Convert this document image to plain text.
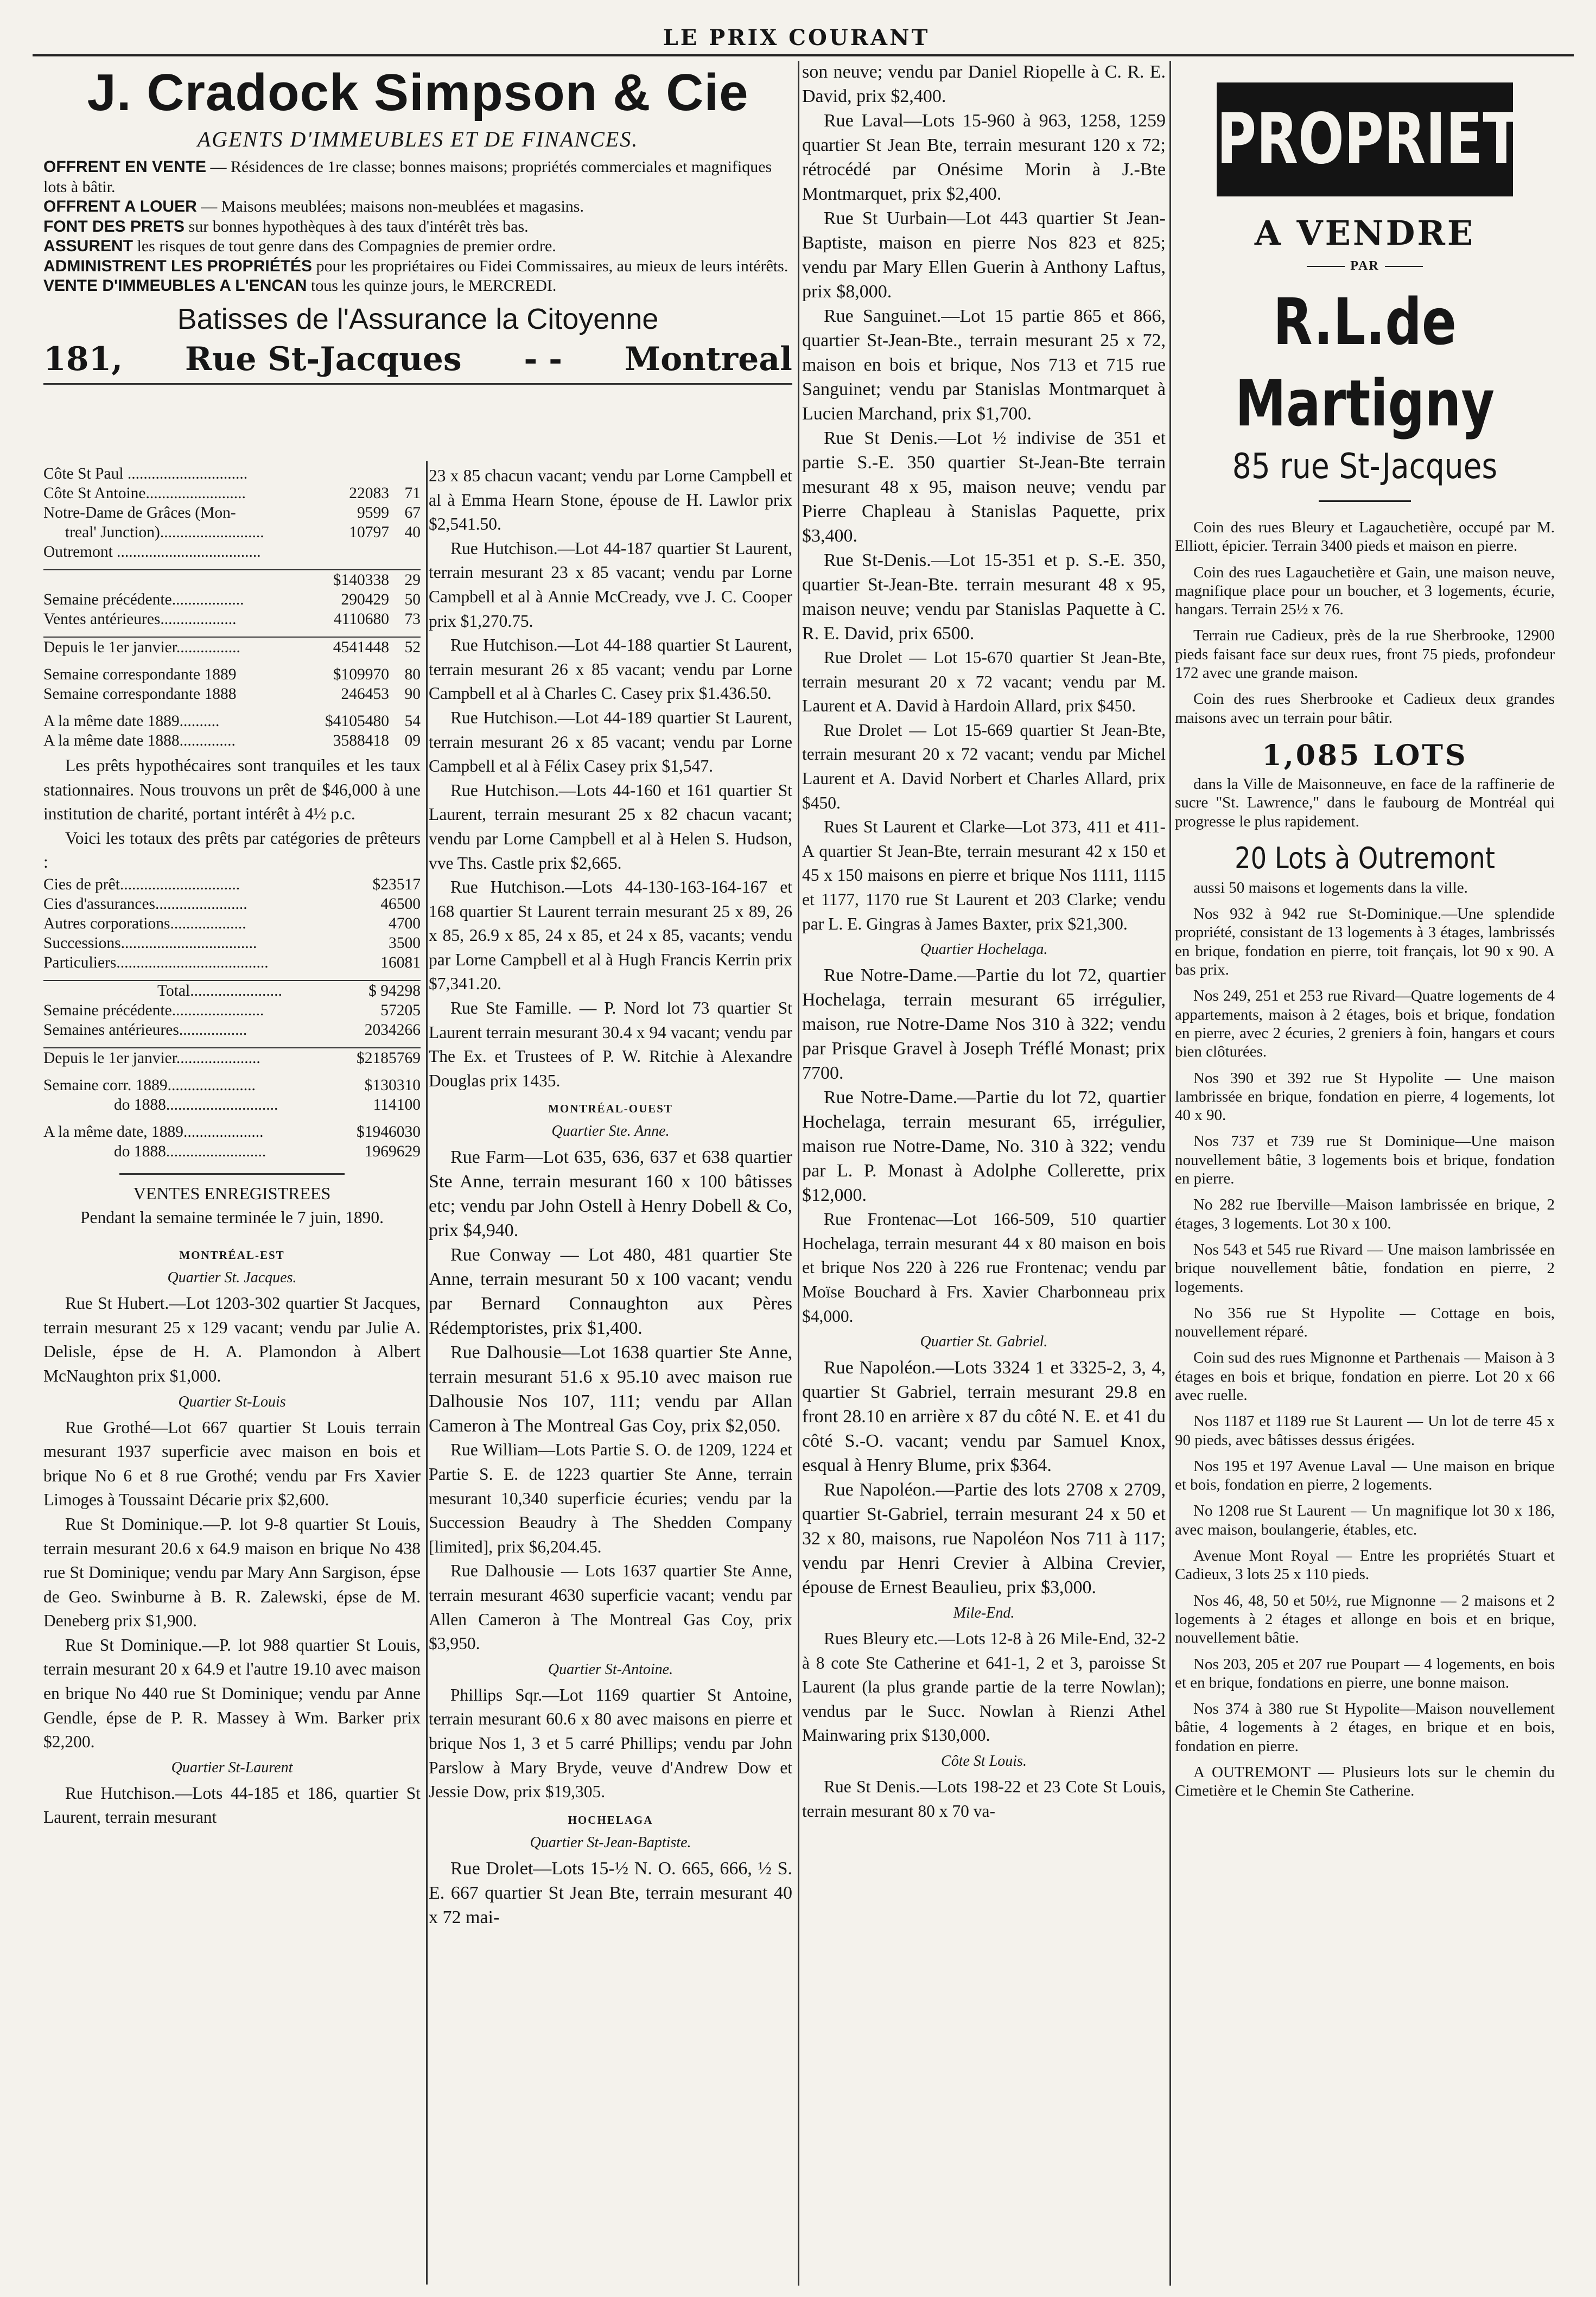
LE PRIX COURANT
J. Cradock Simpson & Cie
AGENTS D'IMMEUBLES ET DE FINANCES.
OFFRENT EN VENTE — Résidences de 1re classe; bonnes maisons; propriétés commerciales et magnifiques lots à bâtir.
OFFRENT A LOUER — Maisons meublées; maisons non-meublées et magasins.
FONT DES PRETS sur bonnes hypothèques à des taux d'intérêt très bas.
ASSURENT les risques de tout genre dans des Compagnies de premier ordre.
ADMINISTRENT LES PROPRIÉTÉS pour les propriétaires ou Fidei Commissaires, au mieux de leurs intérêts.
VENTE D'IMMEUBLES A L'ENCAN tous les quinze jours, le MERCREDI.
Batisses de l'Assurance la Citoyenne
181, Rue St-Jacques - - Montreal
Côte St Paul ..............................
Côte St Antoine.........................	22083 71
Notre-Dame de Grâces (Mon-	9599 67
treal' Junction)..........................	10797 40
Outremont ....................................
$140338 29
Semaine précédente..................	290429 50
Ventes antérieures...................	4110680 73
Depuis le 1er janvier................	4541448 52
Semaine correspondante 1889	$109970 80
Semaine correspondante 1888	246453 90
A la même date 1889..........	$4105480 54
A la même date 1888..............	3588418 09
Les prêts hypothécaires sont tranquiles et les taux stationnaires. Nous trouvons un prêt de $46,000 à une institution de charité, portant intérêt à 4½ p.c.
Voici les totaux des prêts par catégories de prêteurs :
Cies de prêt..............................	$23517
Cies d'assurances.......................	46500
Autres corporations...................	4700
Successions..................................	3500
Particuliers......................................	16081
Total.......................	$ 94298
Semaine précédente.......................	57205
Semaines antérieures.................	2034266
Depuis le 1er janvier.....................	$2185769
Semaine corr. 1889......................	$130310
do 1888............................	114100
A la même date, 1889....................	$1946030
do 1888.........................	1969629
VENTES ENREGISTREES
Pendant la semaine terminée le 7 juin, 1890.
MONTRÉAL-EST
Quartier St. Jacques.
Rue St Hubert.—Lot 1203-302 quartier St Jacques, terrain mesurant 25 x 129 vacant; vendu par Julie A. Delisle, épse de H. A. Plamondon à Albert McNaughton prix $1,000.
Quartier St-Louis
Rue Grothé—Lot 667 quartier St Louis terrain mesurant 1937 superficie avec maison en bois et brique No 6 et 8 rue Grothé; vendu par Frs Xavier Limoges à Toussaint Décarie prix $2,600.
Rue St Dominique.—P. lot 9-8 quartier St Louis, terrain mesurant 20.6 x 64.9 maison en brique No 438 rue St Dominique; vendu par Mary Ann Sargison, épse de Geo. Swinburne à B. R. Zalewski, épse de M. Deneberg prix $1,900.
Rue St Dominique.—P. lot 988 quartier St Louis, terrain mesurant 20 x 64.9 et l'autre 19.10 avec maison en brique No 440 rue St Dominique; vendu par Anne Gendle, épse de P. R. Massey à Wm. Barker prix $2,200.
Quartier St-Laurent
Rue Hutchison.—Lots 44-185 et 186, quartier St Laurent, terrain mesurant
23 x 85 chacun vacant; vendu par Lorne Campbell et al à Emma Hearn Stone, épouse de H. Lawlor prix $2,541.50.
Rue Hutchison.—Lot 44-187 quartier St Laurent, terrain mesurant 23 x 85 vacant; vendu par Lorne Campbell et al à Annie McCready, vve J. C. Cooper prix $1,270.75.
Rue Hutchison.—Lot 44-188 quartier St Laurent, terrain mesurant 26 x 85 vacant; vendu par Lorne Campbell et al à Charles C. Casey prix $1.436.50.
Rue Hutchison.—Lot 44-189 quartier St Laurent, terrain mesurant 26 x 85 vacant; vendu par Lorne Campbell et al à Félix Casey prix $1,547.
Rue Hutchison.—Lots 44-160 et 161 quartier St Laurent, terrain mesurant 25 x 82 chacun vacant; vendu par Lorne Campbell et al à Helen S. Hudson, vve Ths. Castle prix $2,665.
Rue Hutchison.—Lots 44-130-163-164-167 et 168 quartier St Laurent terrain mesurant 25 x 89, 26 x 85, 26.9 x 85, 24 x 85, et 24 x 85, vacants; vendu par Lorne Campbell et al à Hugh Francis Kerrin prix $7,341.20.
Rue Ste Famille. — P. Nord lot 73 quartier St Laurent terrain mesurant 30.4 x 94 vacant; vendu par The Ex. et Trustees of P. W. Ritchie à Alexandre Douglas prix 1435.
MONTRÉAL-OUEST
Quartier Ste. Anne.
Rue Farm—Lot 635, 636, 637 et 638 quartier Ste Anne, terrain mesurant 160 x 100 bâtisses etc; vendu par John Ostell à Henry Dobell & Co, prix $4,940.
Rue Conway — Lot 480, 481 quartier Ste Anne, terrain mesurant 50 x 100 vacant; vendu par Bernard Connaughton aux Pères Rédemptoristes, prix $1,400.
Rue Dalhousie—Lot 1638 quartier Ste Anne, terrain mesurant 51.6 x 95.10 avec maison rue Dalhousie Nos 107, 111; vendu par Allan Cameron à The Montreal Gas Coy, prix $2,050.
Rue William—Lots Partie S. O. de 1209, 1224 et Partie S. E. de 1223 quartier Ste Anne, terrain mesurant 10,340 superficie écuries; vendu par la Succession Beaudry à The Shedden Company [limited], prix $6,204.45.
Rue Dalhousie — Lots 1637 quartier Ste Anne, terrain mesurant 4630 superficie vacant; vendu par Allen Cameron à The Montreal Gas Coy, prix $3,950.
Quartier St-Antoine.
Phillips Sqr.—Lot 1169 quartier St Antoine, terrain mesurant 60.6 x 80 avec maisons en pierre et brique Nos 1, 3 et 5 carré Phillips; vendu par John Parslow à Mary Bryde, veuve d'Andrew Dow et Jessie Dow, prix $19,305.
HOCHELAGA
Quartier St-Jean-Baptiste.
Rue Drolet—Lots 15-½ N. O. 665, 666, ½ S. E. 667 quartier St Jean Bte, terrain mesurant 40 x 72 mai-
son neuve; vendu par Daniel Riopelle à C. R. E. David, prix $2,400.
Rue Laval—Lots 15-960 à 963, 1258, 1259 quartier St Jean Bte, terrain mesurant 120 x 72; rétrocédé par Onésime Morin à J.-Bte Montmarquet, prix $2,400.
Rue St Uurbain—Lot 443 quartier St Jean-Baptiste, maison en pierre Nos 823 et 825; vendu par Mary Ellen Guerin à Anthony Laftus, prix $8,000.
Rue Sanguinet.—Lot 15 partie 865 et 866, quartier St-Jean-Bte., terrain mesurant 25 x 72, maison en bois et brique, Nos 713 et 715 rue Sanguinet; vendu par Stanislas Montmarquet à Lucien Marchand, prix $1,700.
Rue St Denis.—Lot ½ indivise de 351 et partie S.-E. 350 quartier St-Jean-Bte terrain mesurant 48 x 95, maison neuve; vendu par Pierre Chapleau à Stanislas Paquette, prix $3,400.
Rue St-Denis.—Lot 15-351 et p. S.-E. 350, quartier St-Jean-Bte. terrain mesurant 48 x 95, maison neuve; vendu par Stanislas Paquette à C. R. E. David, prix 6500.
Rue Drolet — Lot 15-670 quartier St Jean-Bte, terrain mesurant 20 x 72 vacant; vendu par M. Laurent et A. David à Hardoin Allard, prix $450.
Rue Drolet — Lot 15-669 quartier St Jean-Bte, terrain mesurant 20 x 72 vacant; vendu par Michel Laurent et A. David Norbert et Charles Allard, prix $450.
Rues St Laurent et Clarke—Lot 373, 411 et 411-A quartier St Jean-Bte, terrain mesurant 42 x 150 et 45 x 150 maisons en pierre et brique Nos 1111, 1115 et 1177, 1170 rue St Laurent et 203 Clarke; vendu par L. E. Gingras à James Baxter, prix $21,300.
Quartier Hochelaga.
Rue Notre-Dame.—Partie du lot 72, quartier Hochelaga, terrain mesurant 65 irrégulier, maison, rue Notre-Dame Nos 310 à 322; vendu par Prisque Gravel à Joseph Tréflé Monast; prix 7700.
Rue Notre-Dame.—Partie du lot 72, quartier Hochelaga, terrain mesurant 65, irrégulier, maison rue Notre-Dame, No. 310 à 322; vendu par L. P. Monast à Adolphe Collerette, prix $12,000.
Rue Frontenac—Lot 166-509, 510 quartier Hochelaga, terrain mesurant 44 x 80 maison en bois et brique Nos 220 à 226 rue Frontenac; vendu par Moïse Bouchard à Frs. Xavier Charbonneau prix $4,000.
Quartier St. Gabriel.
Rue Napoléon.—Lots 3324 1 et 3325-2, 3, 4, quartier St Gabriel, terrain mesurant 29.8 en front 28.10 en arrière x 87 du côté N. E. et 41 du côté S.-O. vacant; vendu par Samuel Knox, esqual à Henry Blume, prix $364.
Rue Napoléon.—Partie des lots 2708 x 2709, quartier St-Gabriel, terrain mesurant 24 x 50 et 32 x 80, maisons, rue Napoléon Nos 711 à 117; vendu par Henri Crevier à Albina Crevier, épouse de Ernest Beaulieu, prix $3,000.
Mile-End.
Rues Bleury etc.—Lots 12-8 à 26 Mile-End, 32-2 à 8 cote Ste Catherine et 641-1, 2 et 3, paroisse St Laurent (la plus grande partie de la terre Nowlan); vendus par le Succ. Nowlan à Rienzi Athel Mainwaring prix $130,000.
Côte St Louis.
Rue St Denis.—Lots 198-22 et 23 Cote St Louis, terrain mesurant 80 x 70 va-
PROPRIETES
A VENDRE
PAR
R.L.de Martigny
85 rue St-Jacques
Coin des rues Bleury et Lagauchetière, occupé par M. Elliott, épicier. Terrain 3400 pieds et maison en pierre.
Coin des rues Lagauchetière et Gain, une maison neuve, magnifique place pour un boucher, et 3 logements, écurie, hangars. Terrain 25½ x 76.
Terrain rue Cadieux, près de la rue Sherbrooke, 12900 pieds faisant face sur deux rues, front 75 pieds, profondeur 172 avec une grande maison.
Coin des rues Sherbrooke et Cadieux deux grandes maisons avec un terrain pour bâtir.
1,085 LOTS
dans la Ville de Maisonneuve, en face de la raffinerie de sucre "St. Lawrence," dans le faubourg de Montréal qui progresse le plus rapidement.
20 Lots à Outremont
aussi 50 maisons et logements dans la ville.
Nos 932 à 942 rue St-Dominique.—Une splendide propriété, consistant de 13 logements à 3 étages, lambrissés en brique, fondation en pierre, toit français, lot 90 x 90. A bas prix.
Nos 249, 251 et 253 rue Rivard—Quatre logements de 4 appartements, maison à 2 étages, bois et brique, fondation en pierre, avec 2 écuries, 2 greniers à foin, hangars et cours bien clôturées.
Nos 390 et 392 rue St Hypolite — Une maison lambrissée en brique, fondation en pierre, 4 logements, lot 40 x 90.
Nos 737 et 739 rue St Dominique—Une maison nouvellement bâtie, 3 logements bois et brique, fondation en pierre.
No 282 rue Iberville—Maison lambrissée en brique, 2 étages, 3 logements. Lot 30 x 100.
Nos 543 et 545 rue Rivard — Une maison lambrissée en brique nouvellement bâtie, fondation en pierre, 2 logements.
No 356 rue St Hypolite — Cottage en bois, nouvellement réparé.
Coin sud des rues Mignonne et Parthenais — Maison à 3 étages en bois et brique, fondation en pierre. Lot 20 x 66 avec ruelle.
Nos 1187 et 1189 rue St Laurent — Un lot de terre 45 x 90 pieds, avec bâtisses dessus érigées.
Nos 195 et 197 Avenue Laval — Une maison en brique et bois, fondation en pierre, 2 logements.
No 1208 rue St Laurent — Un magnifique lot 30 x 186, avec maison, boulangerie, étables, etc.
Avenue Mont Royal — Entre les propriétés Stuart et Cadieux, 3 lots 25 x 110 pieds.
Nos 46, 48, 50 et 50½, rue Mignonne — 2 maisons et 2 logements à 2 étages et allonge en bois et en brique, nouvellement bâtie.
Nos 203, 205 et 207 rue Poupart — 4 logements, en bois et en brique, fondations en pierre, une bonne maison.
Nos 374 à 380 rue St Hypolite—Maison nouvellement bâtie, 4 logements à 2 étages, en brique et en bois, fondation en pierre.
A OUTREMONT — Plusieurs lots sur le chemin du Cimetière et le Chemin Ste Catherine.
